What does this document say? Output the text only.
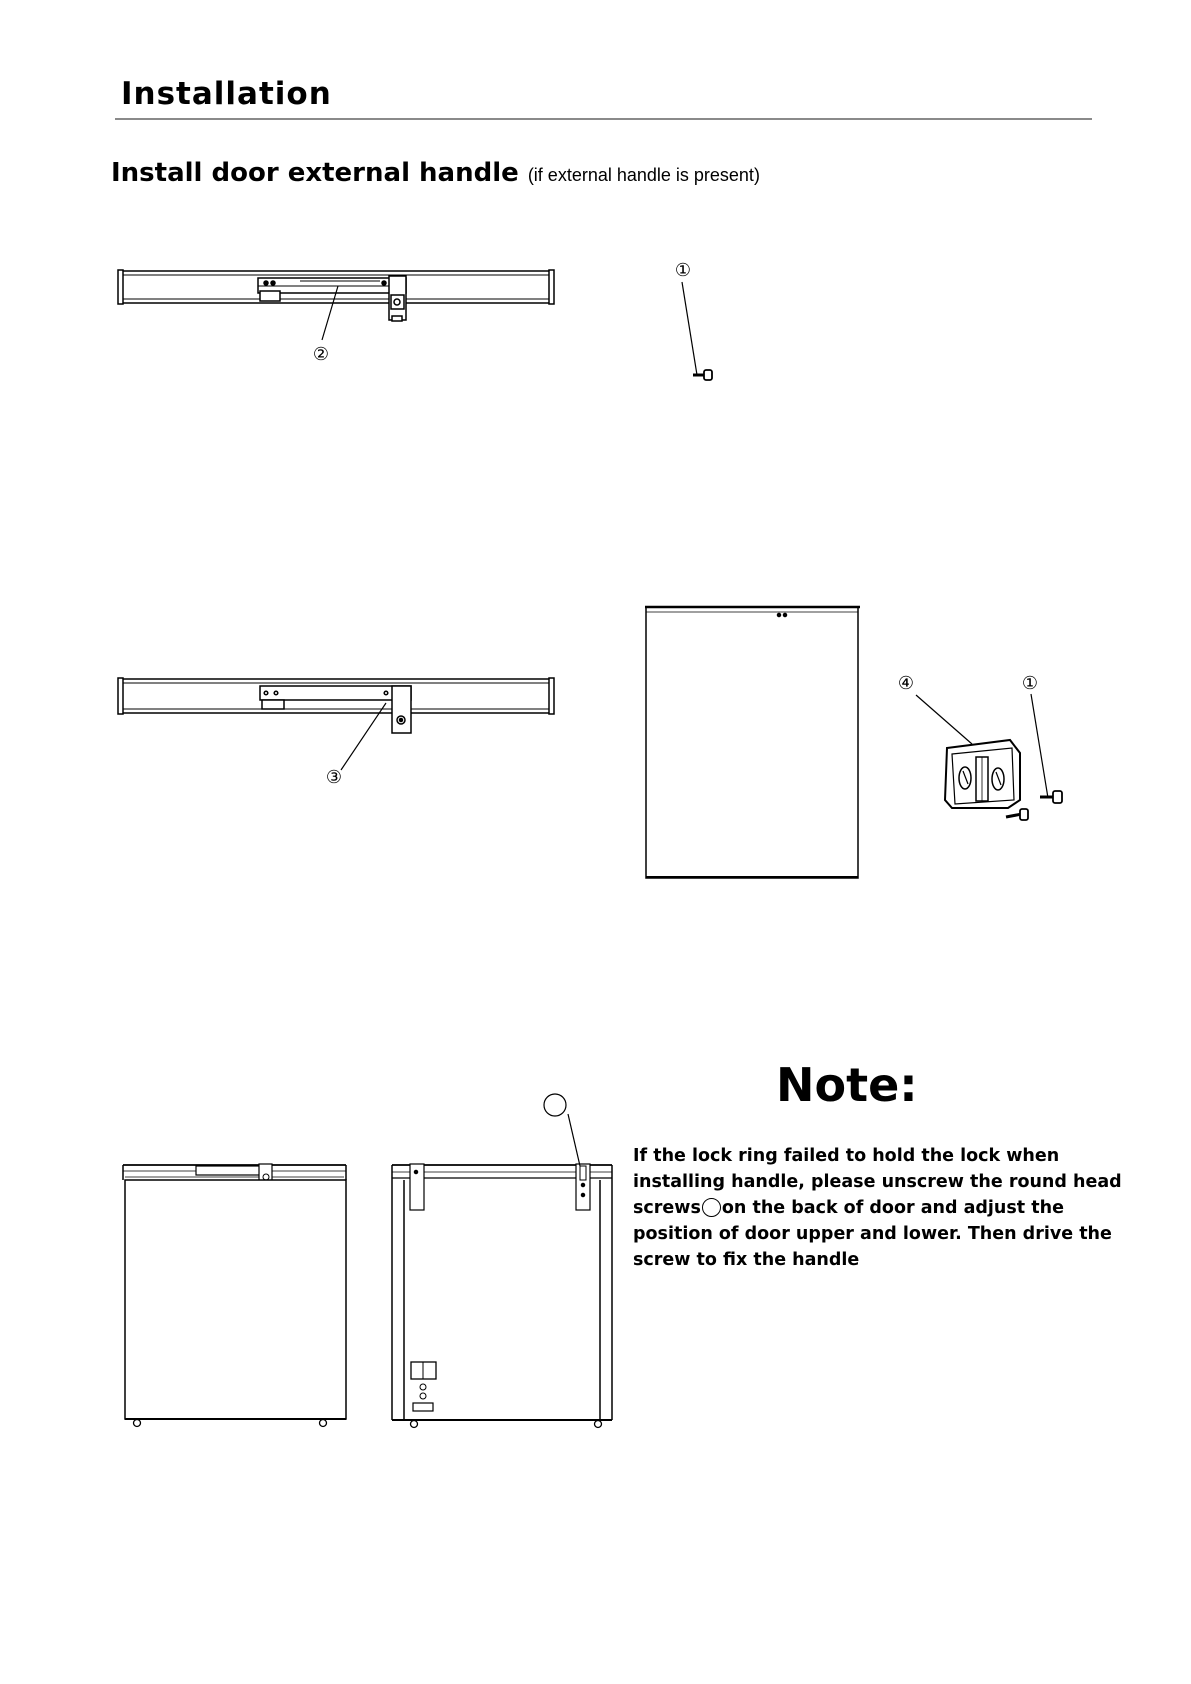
Installation
Install door external handle (if external handle is present)
②
①
③
④	①
Note:

If the lock ring failed to hold the lock when
installing handle, please unscrew the round head
screws on the back of door and adjust the
position of door upper and lower. Then drive the
screw to fix the handle
